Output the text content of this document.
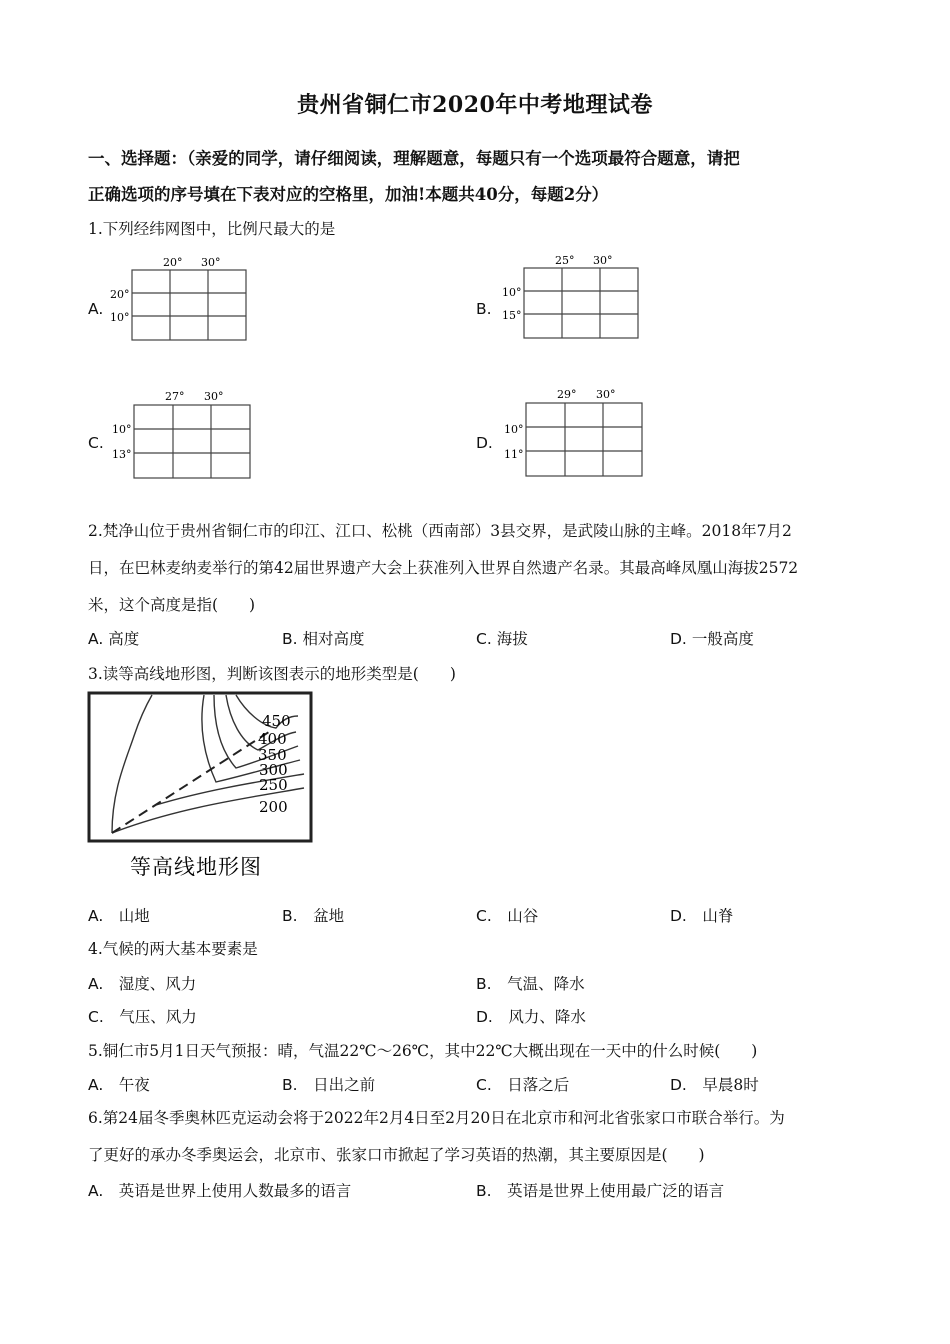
贵州省铜仁市2020年中考地理试卷
一、选择题：（亲爱的同学，请仔细阅读，理解题意，每题只有一个选项最符合题意，请把
正确选项的序号填在下表对应的空格里，加油!本题共40分，每题2分）
1.下列经纬网图中，比例尺最大的是
A.
20° 30°
20°
10°	B.
25° 30°
10°
15°
C.
27° 30°
10°
13°
D.
29° 30°
10°
11°
2.梵净山位于贵州省铜仁市的印江、江口、松桃（西南部）3县交界，是武陵山脉的主峰。2018年7月2
日，在巴林麦纳麦举行的第42届世界遗产大会上获准列入世界自然遗产名录。其最高峰凤凰山海拔2572
米，这个高度是指(　　)
A. 高度	B. 相对高度	C. 海拔	D. 一般高度
3.读等高线地形图，判断该图表示的地形类型是(　　)
450
400
350
300
250
200
等高线地形图
A.　 山地	B.　 盆地	C.　 山谷	D.　 山脊
4.气候的两大基本要素是
A.　 湿度、风力	B.　 气温、降水
C.　 气压、风力	D.　 风力、降水
5.铜仁市5月1日天气预报：晴，气温22℃～26℃，其中22℃大概出现在一天中的什么时候(　　)
A.　 午夜	B.　 日出之前	C.　 日落之后	D.　 早晨8时
6.第24届冬季奥林匹克运动会将于2022年2月4日至2月20日在北京市和河北省张家口市联合举行。为
了更好的承办冬季奥运会，北京市、张家口市掀起了学习英语的热潮，其主要原因是(　　)
A.　 英语是世界上使用人数最多的语言	B.　 英语是世界上使用最广泛的语言
